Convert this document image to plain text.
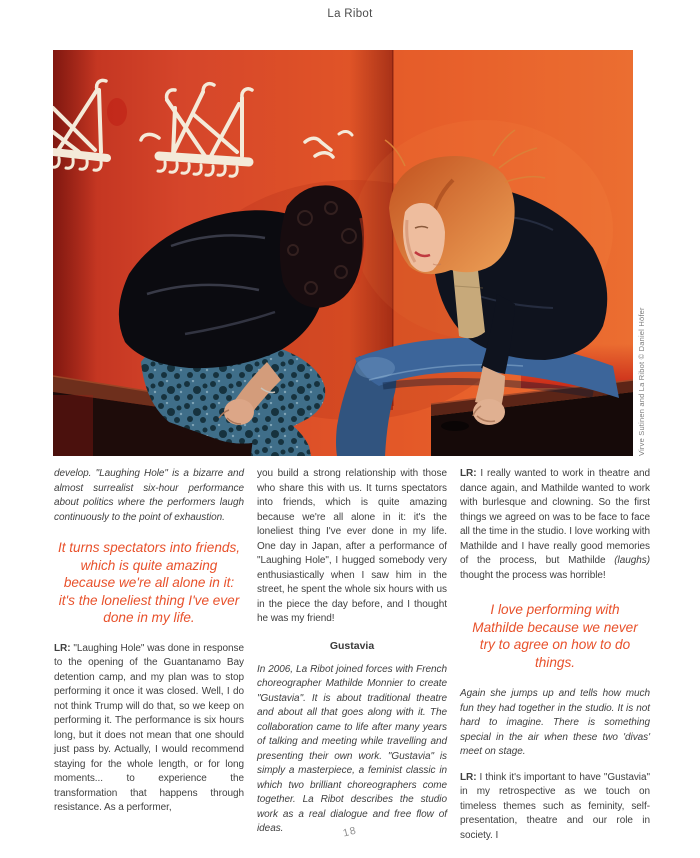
La Ribot
Virve Sutinen and La Ribot © Daniel Höfer

develop. "Laughing Hole" is a bizarre and almost surrealist six-hour performance about politics where the performers laugh continuously to the point of exhaustion.

It turns spectators into friends, which is quite amazing because we're all alone in it: it's the loneliest thing I've ever done in my life.

LR: "Laughing Hole" was done in response to the opening of the Guantanamo Bay detention camp, and my plan was to stop performing it once it was closed. Well, I do not think Trump will do that, so we keep on performing it. The performance is six hours long, but it does not mean that one should just pass by. Actually, I would recommend staying for the whole length, or for long moments... to experience the transformation that happens through resistance. As a performer,

you build a strong relationship with those who share this with us. It turns spectators into friends, which is quite amazing because we're all alone in it: it's the loneliest thing I've ever done in my life. One day in Japan, after a performance of "Laughing Hole", I hugged somebody very enthusiastically when I saw him in the street, he spent the whole six hours with us in the piece the day before, and I thought he was my friend!

Gustavia

In 2006, La Ribot joined forces with French choreographer Mathilde Monnier to create "Gustavia". It is about traditional theatre and about all that goes along with it. The collaboration came to life after many years of talking and meeting while travelling and presenting their own work. "Gustavia" is simply a masterpiece, a feminist classic in which two brilliant choreographers come together. La Ribot describes the studio work as a real dialogue and free flow of ideas.

LR: I really wanted to work in theatre and dance again, and Mathilde wanted to work with burlesque and clowning. So the first things we agreed on was to be face to face all the time in the studio. I love working with Mathilde and I have really good memories of the process, but Mathilde (laughs) thought the process was horrible!

I love performing with Mathilde because we never try to agree on how to do things.

Again she jumps up and tells how much fun they had together in the studio. It is not hard to imagine. There is something special in the air when these two 'divas' meet on stage.

LR: I think it's important to have "Gustavia" in my retrospective as we touch on timeless themes such as feminity, self-presentation, theatre and our role in society. I

18
